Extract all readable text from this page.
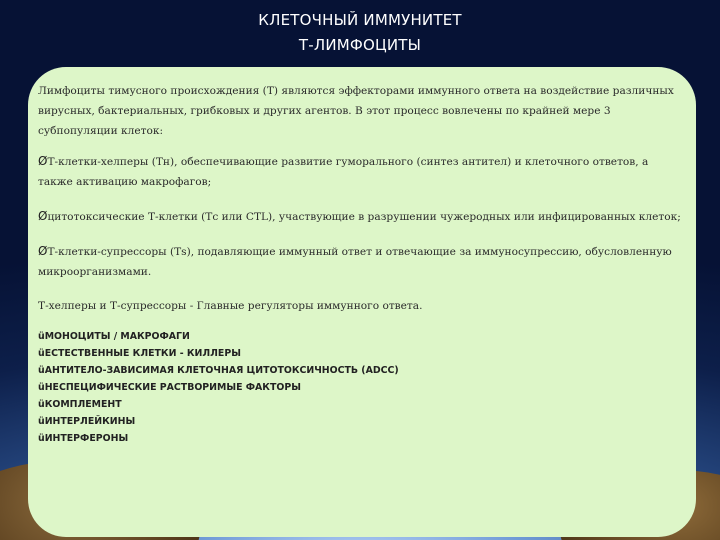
КЛЕТОЧНЫЙ ИММУНИТЕТ
Т-ЛИМФОЦИТЫ

Лимфоциты тимусного происхождения (Т) являются эффекторами иммунного ответа на воздействие различных вирусных, бактериальных, грибковых и других агентов. В этот процесс вовлечены по крайней мере 3 субпопуляции клеток:

ØТ-клетки-хелперы (Тн), обеспечивающие развитие гуморального (синтез антител) и клеточного ответов, а также активацию макрофагов;

Øцитотоксические Т-клетки (Тс или СТL), участвующие в разрушении чужеродных или инфицированных клеток;

ØТ-клетки-супрессоры (Тs), подавляющие иммунный ответ и отвечающие за иммуносупрессию, обусловленную микроорганизмами.

Т-хелперы и Т-супрессоры - Главные регуляторы иммунного ответа.

üМОНОЦИТЫ / МАКРОФАГИ
üЕСТЕСТВЕННЫЕ КЛЕТКИ - КИЛЛЕРЫ
üАНТИТЕЛО-ЗАВИСИМАЯ КЛЕТОЧНАЯ ЦИТОТОКСИЧНОСТЬ (ADCC)
üНЕСПЕЦИФИЧЕСКИЕ РАСТВОРИМЫЕ ФАКТОРЫ
üКОМПЛЕМЕНТ
üИНТЕРЛЕЙКИНЫ
üИНТЕРФЕРОНЫ
